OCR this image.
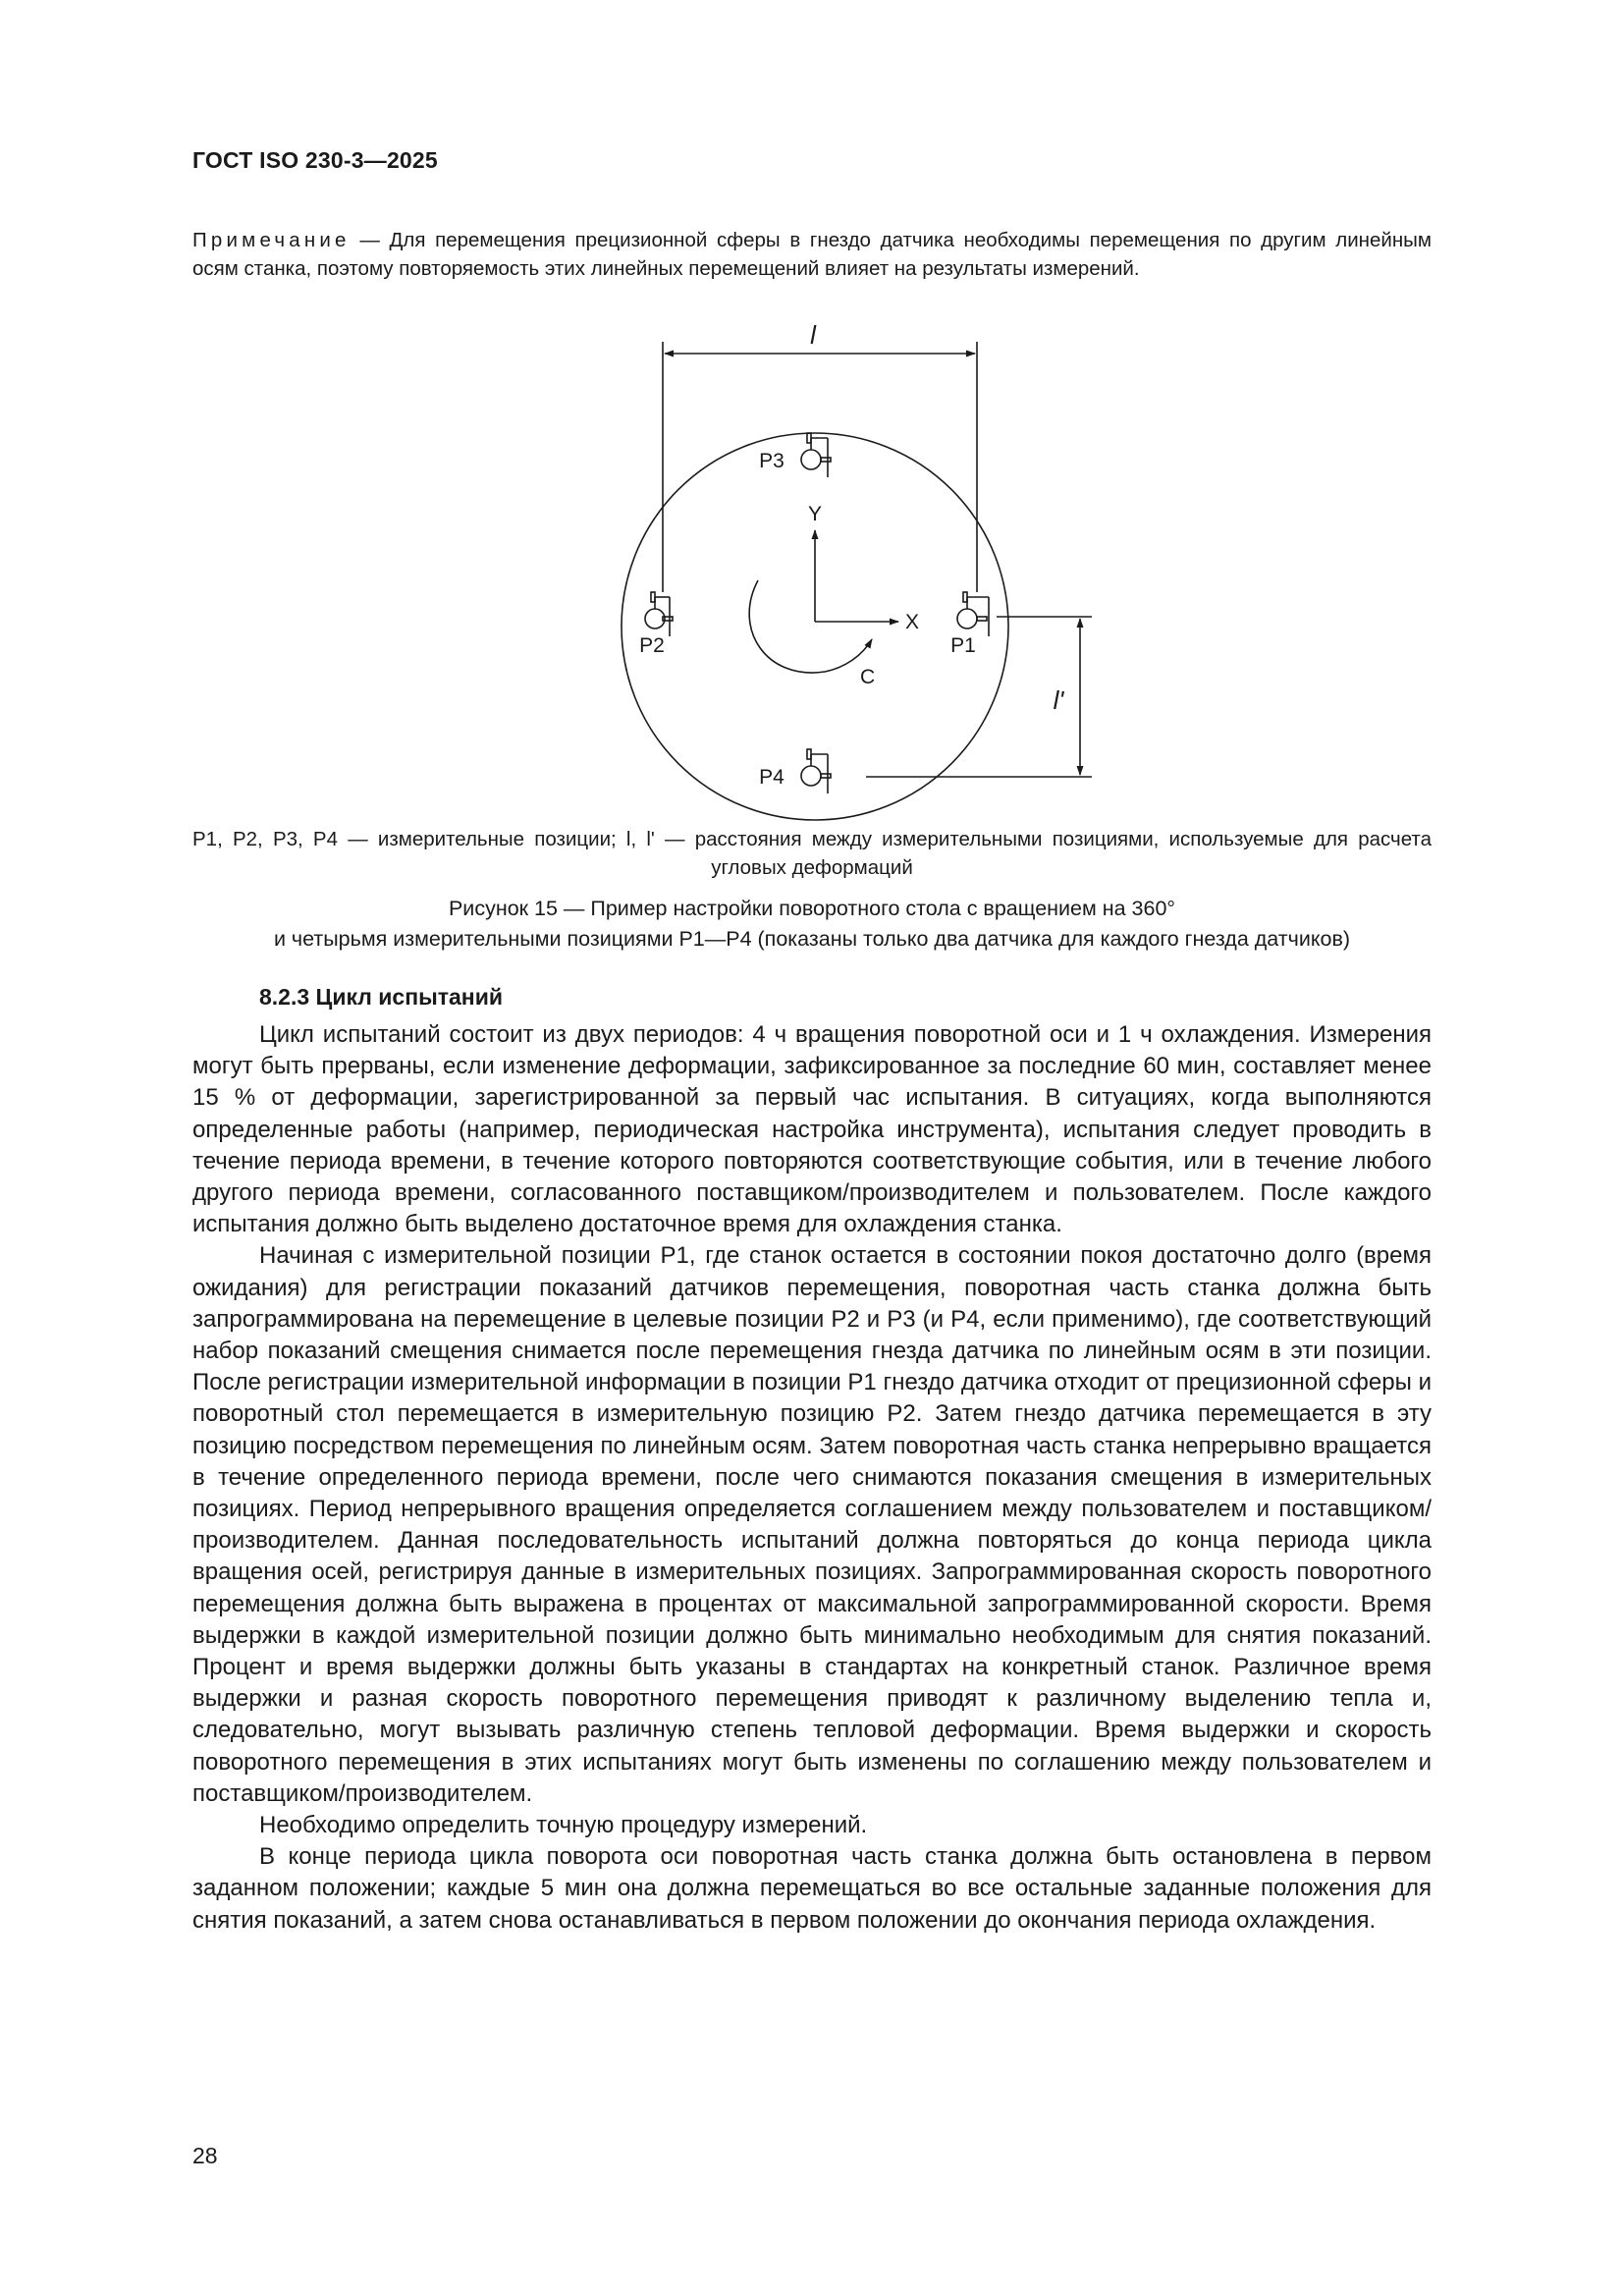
ГОСТ ISO 230-3—2025
Примечание — Для перемещения прецизионной сферы в гнездо датчика необходимы перемещения по другим линейным осям станка, поэтому повторяемость этих линейных перемещений влияет на результаты измерений.
l
l'
Y
X
C
P3
P2	P1
P4
P1, P2, P3, P4 — измерительные позиции; l, l' — расстояния между измерительными позициями, используемые для расчета угловых деформаций
Рисунок 15 — Пример настройки поворотного стола с вращением на 360°
и четырьмя измерительными позициями P1—P4 (показаны только два датчика для каждого гнезда датчиков)
8.2.3 Цикл испытаний

Цикл испытаний состоит из двух периодов: 4 ч вращения поворотной оси и 1 ч охлаждения. Измерения могут быть прерваны, если изменение деформации, зафиксированное за последние 60 мин, составляет менее 15 % от деформации, зарегистрированной за первый час испытания. В ситуациях, когда выполняются определенные работы (например, периодическая настройка инструмента), испытания следует проводить в течение периода времени, в течение которого повторяются соответствующие события, или в течение любого другого периода времени, согласованного поставщиком/производителем и пользователем. После каждого испытания должно быть выделено достаточное время для охлаждения станка.

Начиная с измерительной позиции P1, где станок остается в состоянии покоя достаточно долго (время ожидания) для регистрации показаний датчиков перемещения, поворотная часть станка должна быть запрограммирована на перемещение в целевые позиции P2 и P3 (и P4, если применимо), где соответствующий набор показаний смещения снимается после перемещения гнезда датчика по линейным осям в эти позиции. После регистрации измерительной информации в позиции P1 гнездо датчика отходит от прецизионной сферы и поворотный стол перемещается в измерительную позицию P2. Затем гнездо датчика перемещается в эту позицию посредством перемещения по линейным осям. Затем поворотная часть станка непрерывно вращается в течение определенного периода времени, после чего снимаются показания смещения в измерительных позициях. Период непрерывного вращения определяется соглашением между пользователем и поставщиком/производителем. Данная последовательность испытаний должна повторяться до конца периода цикла вращения осей, регистрируя данные в измерительных позициях. Запрограммированная скорость поворотного перемещения должна быть выражена в процентах от максимальной запрограммированной скорости. Время выдержки в каждой измерительной позиции должно быть минимально необходимым для снятия показаний. Процент и время выдержки должны быть указаны в стандартах на конкретный станок. Различное время выдержки и разная скорость поворотного перемещения приводят к различному выделению тепла и, следовательно, могут вызывать различную степень тепловой деформации. Время выдержки и скорость поворотного перемещения в этих испытаниях могут быть изменены по соглашению между пользователем и поставщиком/производителем.

Необходимо определить точную процедуру измерений.

В конце периода цикла поворота оси поворотная часть станка должна быть остановлена в первом заданном положении; каждые 5 мин она должна перемещаться во все остальные заданные положения для снятия показаний, а затем снова останавливаться в первом положении до окончания периода охлаждения.

28
